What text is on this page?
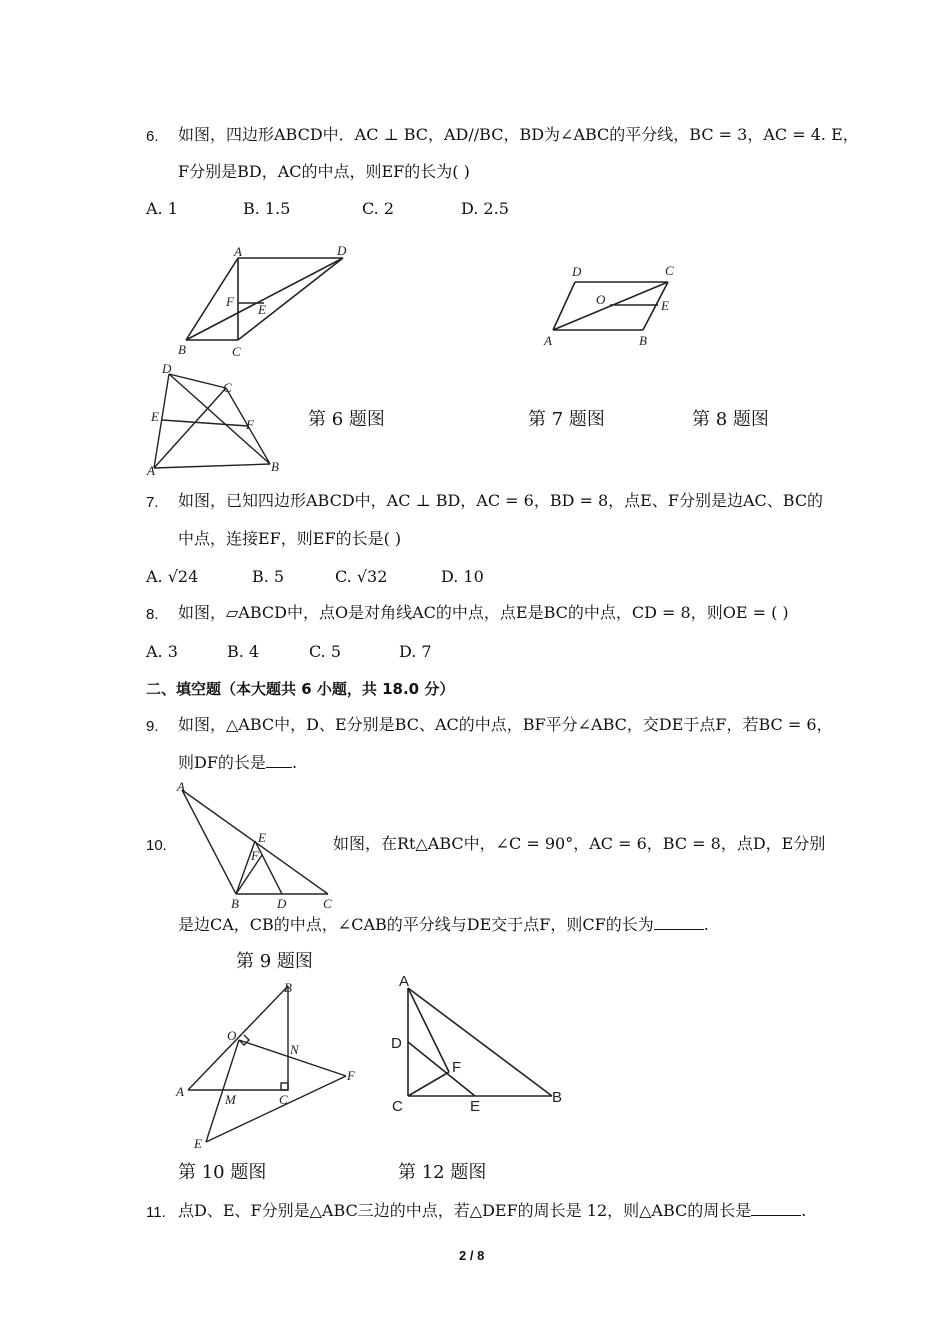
6. 如图，四边形ABCD中．AC ⊥ BC，AD//BC，BD为∠ABC的平分线，BC = 3，AC = 4. E，
F分别是BD，AC的中点，则EF的长为( )
A. 1	B. 1.5	C. 2	D. 2.5
A	D
F
E
B	C
D	C
O	E
A	B
D
C
E
F
A	B
第 6 题图	第 7 题图	第 8 题图
7. 如图，已知四边形ABCD中，AC ⊥ BD，AC = 6，BD = 8，点E、F分别是边AC、BC的
中点，连接EF，则EF的长是( )
A. √24	B. 5	C. √32	D. 10
8. 如图，▱ABCD中，点O是对角线AC的中点，点E是BC的中点，CD = 8，则OE = ( )
A. 3	B. 4	C. 5	D. 7
二、填空题（本大题共 6 小题，共 18.0 分）
9. 如图，△ABC中，D、E分别是BC、AC的中点，BF平分∠ABC，交DE于点F，若BC = 6，
则DF的长是 .
A
E
F
B	D	C
10.	如图，在Rt△ABC中，∠C = 90°，AC = 6，BC = 8，点D，E分别
是边CA，CB的中点，∠CAB的平分线与DE交于点F，则CF的长为	.
第 9 题图
B
O
N
F
A
M	C
E
A
D
F
C	E
B
第 10 题图	第 12 题图
11. 点D、E、F分别是△ABC三边的中点，若△DEF的周长是 12，则△ABC的周长是	.
2 / 8
